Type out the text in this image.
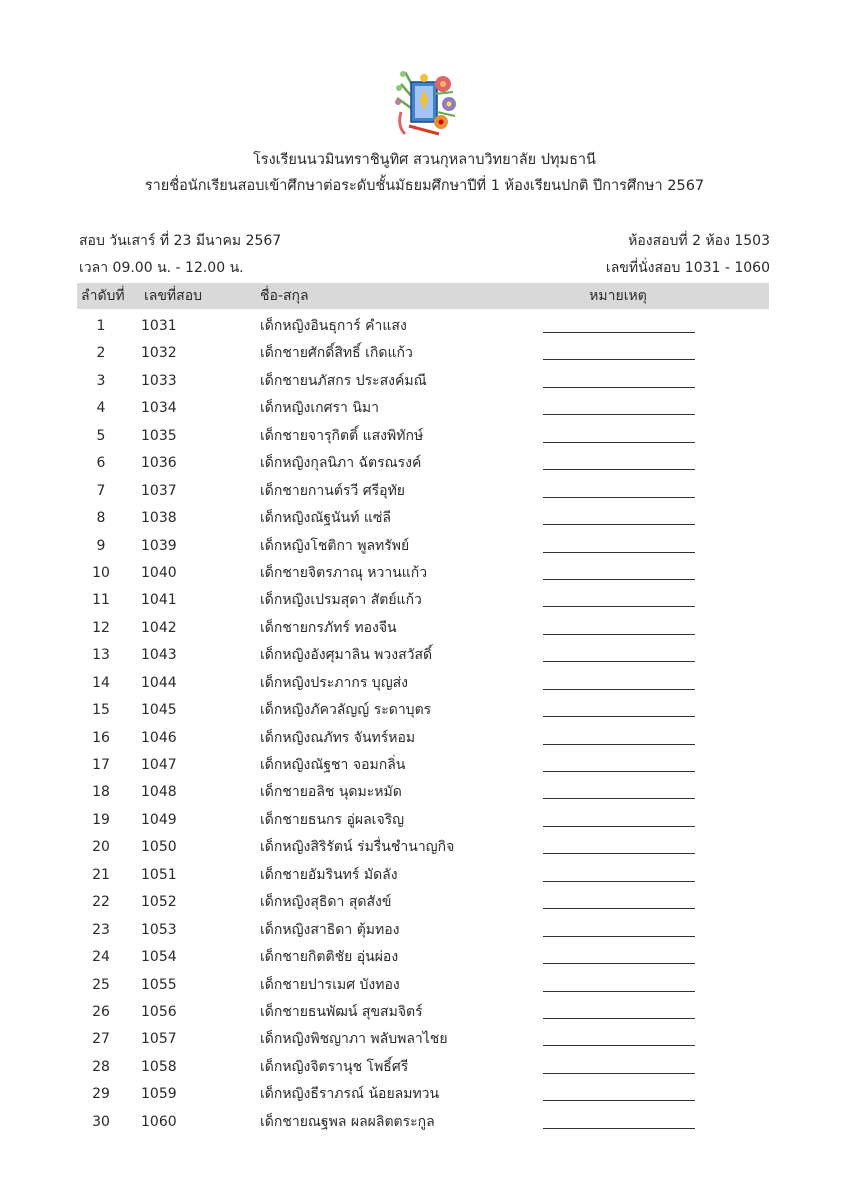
โรงเรียนนวมินทราชินูทิศ สวนกุหลาบวิทยาลัย ปทุมธานี
รายชื่อนักเรียนสอบเข้าศึกษาต่อระดับชั้นมัธยมศึกษาปีที่ 1 ห้องเรียนปกติ ปีการศึกษา 2567
สอบ วันเสาร์ ที่ 23 มีนาคม 2567
เวลา 09.00 น. - 12.00 น.
ห้องสอบที่ 2 ห้อง 1503
เลขที่นั่งสอบ 1031 - 1060
ลำดับที่ เลขที่สอบ	ชื่อ-สกุล	หมายเหตุ
1	1031	เด็กหญิงอินธุการ์ คำแสง
2	1032	เด็กชายศักดิ์สิทธิ์ เกิดแก้ว
3	1033	เด็กชายนภัสกร ประสงค์มณี
4	1034	เด็กหญิงเกศรา นิมา
5	1035	เด็กชายจารุกิตติ์ แสงพิทักษ์
6	1036	เด็กหญิงกุลนิภา ฉัตรณรงค์
7	1037	เด็กชายกานต์รวี ศรีอุทัย
8	1038	เด็กหญิงณัฐนันท์ แซ่ลี
9	1039	เด็กหญิงโชติกา พูลทรัพย์
10	1040	เด็กชายจิตรภาณุ หวานแก้ว
11	1041	เด็กหญิงเปรมสุดา สัตย์แก้ว
12	1042	เด็กชายกรภัทร์ ทองจีน
13	1043	เด็กหญิงอังศุมาลิน พวงสวัสดิ์
14	1044	เด็กหญิงประภากร บุญส่ง
15	1045	เด็กหญิงภัควลัญญ์ ระดาบุตร
16	1046	เด็กหญิงณภัทร จันทร์หอม
17	1047	เด็กหญิงณัฐชา จอมกลิ่น
18	1048	เด็กชายอลิช นุดมะหมัด
19	1049	เด็กชายธนกร อู่ผลเจริญ
20	1050	เด็กหญิงสิริรัตน์ ร่มรื่นชำนาญกิจ
21	1051	เด็กชายอัมรินทร์ มัดลัง
22	1052	เด็กหญิงสุธิดา สุดสังข์
23	1053	เด็กหญิงสาธิดา ตุ้มทอง
24	1054	เด็กชายกิตติชัย อุ่นผ่อง
25	1055	เด็กชายปารเมศ บังทอง
26	1056	เด็กชายธนพัฒน์ สุขสมจิตร์
27	1057	เด็กหญิงพิชญาภา พลับพลาไชย
28	1058	เด็กหญิงจิตรานุช โพธิ์ศรี
29	1059	เด็กหญิงธีราภรณ์ น้อยลมทวน
30	1060	เด็กชายณฐพล ผลผลิตตระกูล
